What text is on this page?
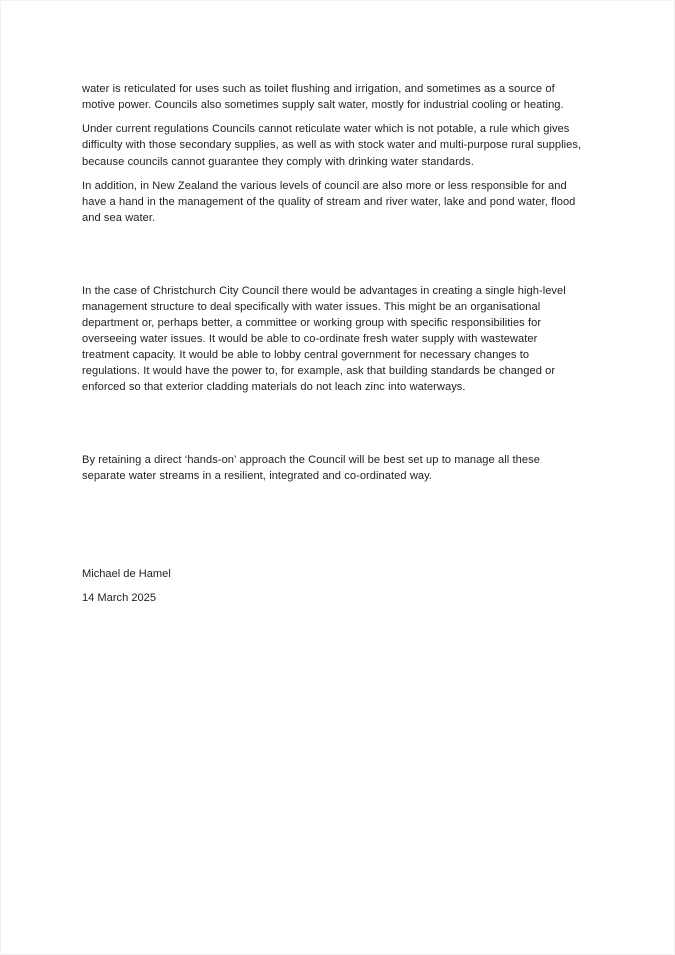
water is reticulated for uses such as toilet flushing and irrigation, and sometimes as a source of motive power. Councils also sometimes supply salt water, mostly for industrial cooling or heating.

Under current regulations Councils cannot reticulate water which is not potable, a rule which gives difficulty with those secondary supplies, as well as with stock water and multi-purpose rural supplies, because councils cannot guarantee they comply with drinking water standards.

In addition, in New Zealand the various levels of council are also more or less responsible for and have a hand in the management of the quality of stream and river water, lake and pond water, flood and sea water.

In the case of Christchurch City Council there would be advantages in creating a single high-level management structure to deal specifically with water issues. This might be an organisational department or, perhaps better, a committee or working group with specific responsibilities for overseeing water issues. It would be able to co-ordinate fresh water supply with wastewater treatment capacity. It would be able to lobby central government for necessary changes to regulations. It would have the power to, for example, ask that building standards be changed or enforced so that exterior cladding materials do not leach zinc into waterways.

By retaining a direct ‘hands-on’ approach the Council will be best set up to manage all these separate water streams in a resilient, integrated and co-ordinated way.

Michael de Hamel

14 March 2025
